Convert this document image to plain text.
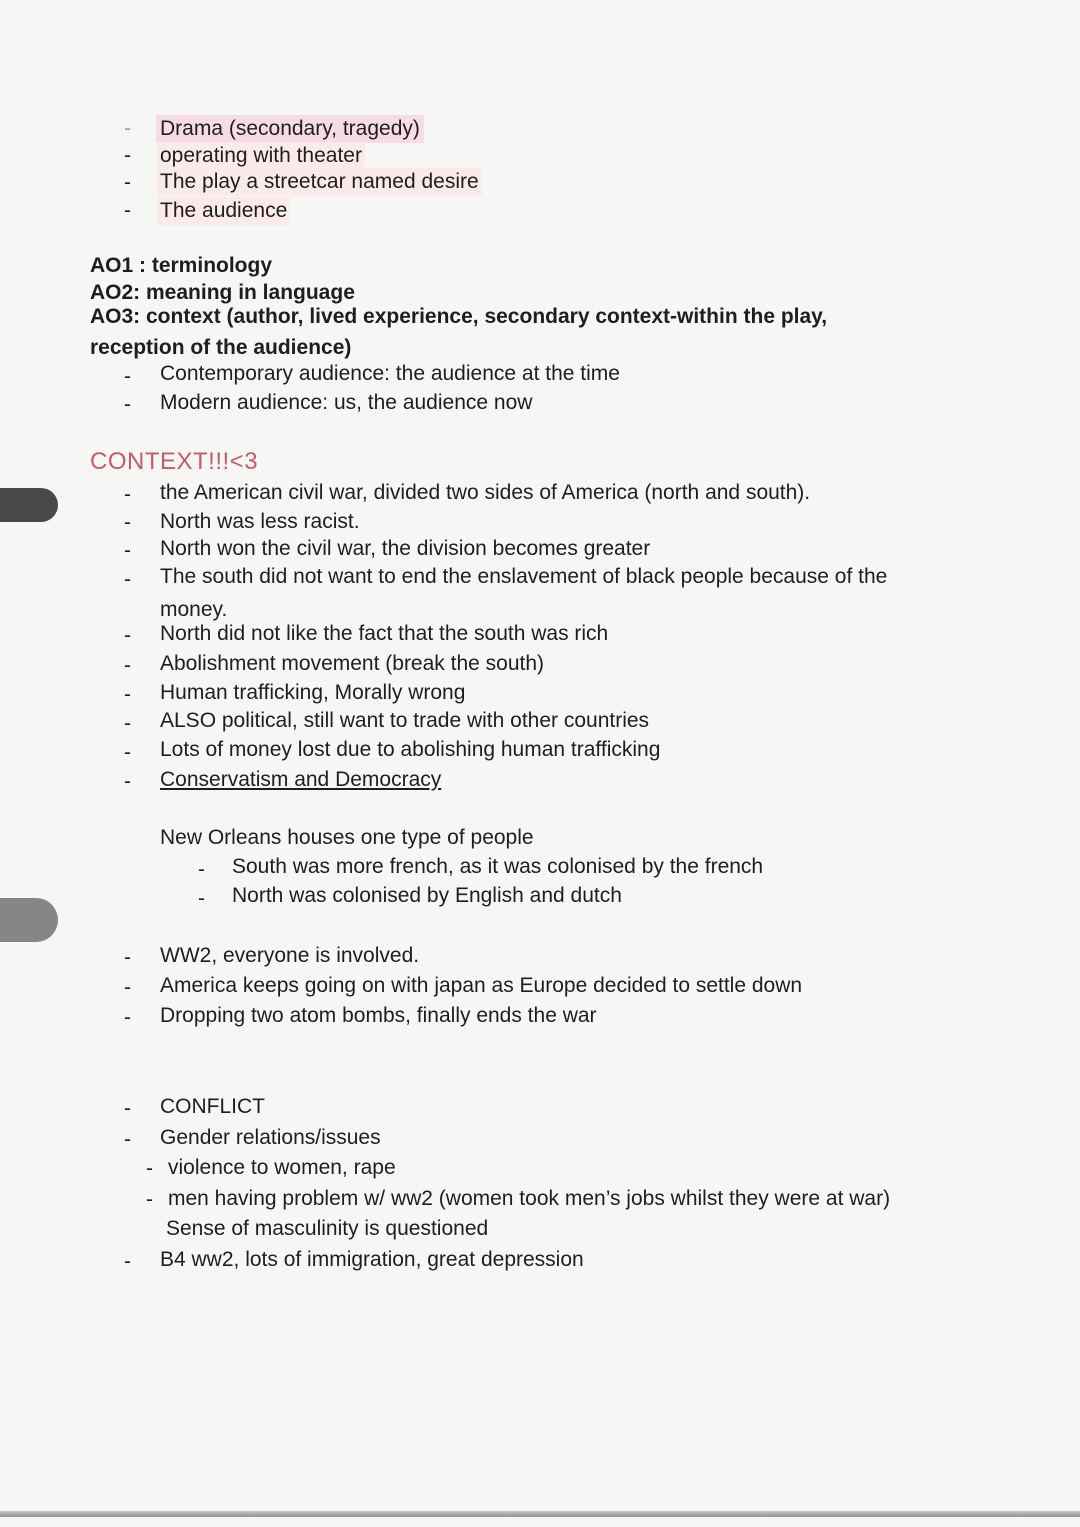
- Drama (secondary, tragedy)
- operating with theater
- The play a streetcar named desire
- The audience
AO1 : terminology
AO2: meaning in language
AO3: context (author, lived experience, secondary context-within the play,
reception of the audience)
- Contemporary audience: the audience at the time
- Modern audience: us, the audience now
CONTEXT!!!<3
- the American civil war, divided two sides of America (north and south).
- North was less racist.
- North won the civil war, the division becomes greater
- The south did not want to end the enslavement of black people because of the
money.
- North did not like the fact that the south was rich
- Abolishment movement (break the south)
- Human trafficking, Morally wrong
- ALSO political, still want to trade with other countries
- Lots of money lost due to abolishing human trafficking
- Conservatism and Democracy
New Orleans houses one type of people
- South was more french, as it was colonised by the french
- North was colonised by English and dutch
- WW2, everyone is involved.
- America keeps going on with japan as Europe decided to settle down
- Dropping two atom bombs, finally ends the war
- CONFLICT
- Gender relations/issues
- violence to women, rape
- men having problem w/ ww2 (women took men’s jobs whilst they were at war)
Sense of masculinity is questioned
- B4 ww2, lots of immigration, great depression
